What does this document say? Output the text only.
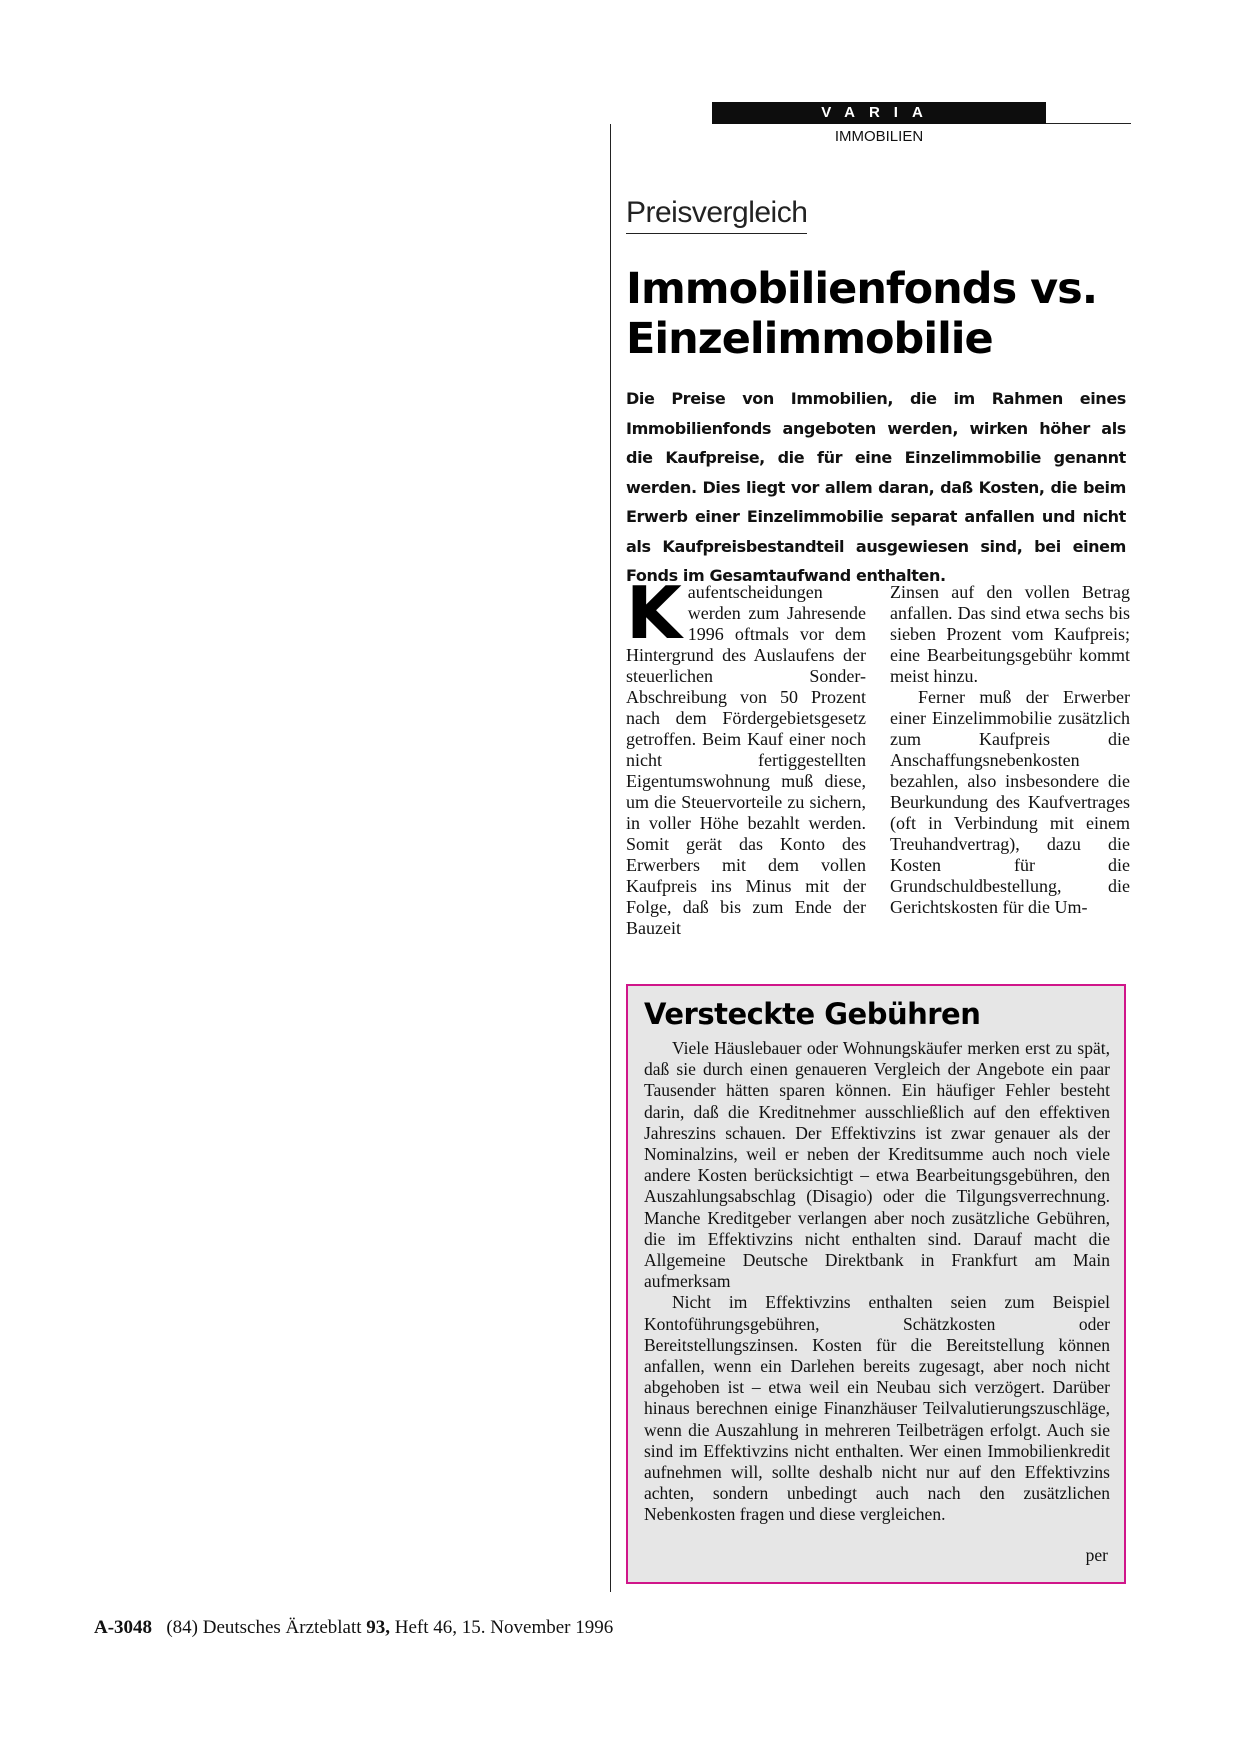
VARIA
IMMOBILIEN
Preisvergleich
Immobilienfonds vs.
Einzelimmobilie

Die Preise von Immobilien, die im Rahmen eines Immobilienfonds angeboten werden, wirken höher als die Kaufpreise, die für eine Einzelimmobilie genannt werden. Dies liegt vor allem daran, daß Kosten, die beim Erwerb einer Einzelimmobilie separat anfallen und nicht als Kaufpreisbestandteil ausgewiesen sind, bei einem Fonds im Gesamtaufwand enthalten.

Kaufentscheidungen werden zum Jahresende 1996 oftmals vor dem Hintergrund des Auslaufens der steuerlichen Sonder-Abschreibung von 50 Prozent nach dem Fördergebietsgesetz getroffen. Beim Kauf einer noch nicht fertiggestellten Eigentumswohnung muß diese, um die Steuervorteile zu sichern, in voller Höhe bezahlt werden. Somit gerät das Konto des Erwerbers mit dem vollen Kaufpreis ins Minus mit der Folge, daß bis zum Ende der Bauzeit

Zinsen auf den vollen Betrag anfallen. Das sind etwa sechs bis sieben Prozent vom Kaufpreis; eine Bearbeitungsgebühr kommt meist hinzu.

Ferner muß der Erwerber einer Einzelimmobilie zusätzlich zum Kaufpreis die Anschaffungsnebenkosten bezahlen, also insbesondere die Beurkundung des Kaufvertrages (oft in Verbindung mit einem Treuhandvertrag), dazu die Kosten für die Grundschuldbestellung, die Gerichtskosten für die Um-

Versteckte Gebühren

Viele Häuslebauer oder Wohnungskäufer merken erst zu spät, daß sie durch einen genaueren Vergleich der Angebote ein paar Tausender hätten sparen können. Ein häufiger Fehler besteht darin, daß die Kreditnehmer ausschließlich auf den effektiven Jahreszins schauen. Der Effektivzins ist zwar genauer als der Nominalzins, weil er neben der Kreditsumme auch noch viele andere Kosten berücksichtigt – etwa Bearbeitungsgebühren, den Auszahlungsabschlag (Disagio) oder die Tilgungsverrechnung. Manche Kreditgeber verlangen aber noch zusätzliche Gebühren, die im Effektivzins nicht enthalten sind. Darauf macht die Allgemeine Deutsche Direktbank in Frankfurt am Main aufmerksam

Nicht im Effektivzins enthalten seien zum Beispiel Kontoführungsgebühren, Schätzkosten oder Bereitstellungszinsen. Kosten für die Bereitstellung können anfallen, wenn ein Darlehen bereits zugesagt, aber noch nicht abgehoben ist – etwa weil ein Neubau sich verzögert. Darüber hinaus berechnen einige Finanzhäuser Teilvalutierungszuschläge, wenn die Auszahlung in mehreren Teilbeträgen erfolgt. Auch sie sind im Effektivzins nicht enthalten. Wer einen Immobilienkredit aufnehmen will, sollte deshalb nicht nur auf den Effektivzins achten, sondern unbedingt auch nach den zusätzlichen Nebenkosten fragen und diese vergleichen.

per
A-3048 (84) Deutsches Ärzteblatt 93, Heft 46, 15. November 1996
